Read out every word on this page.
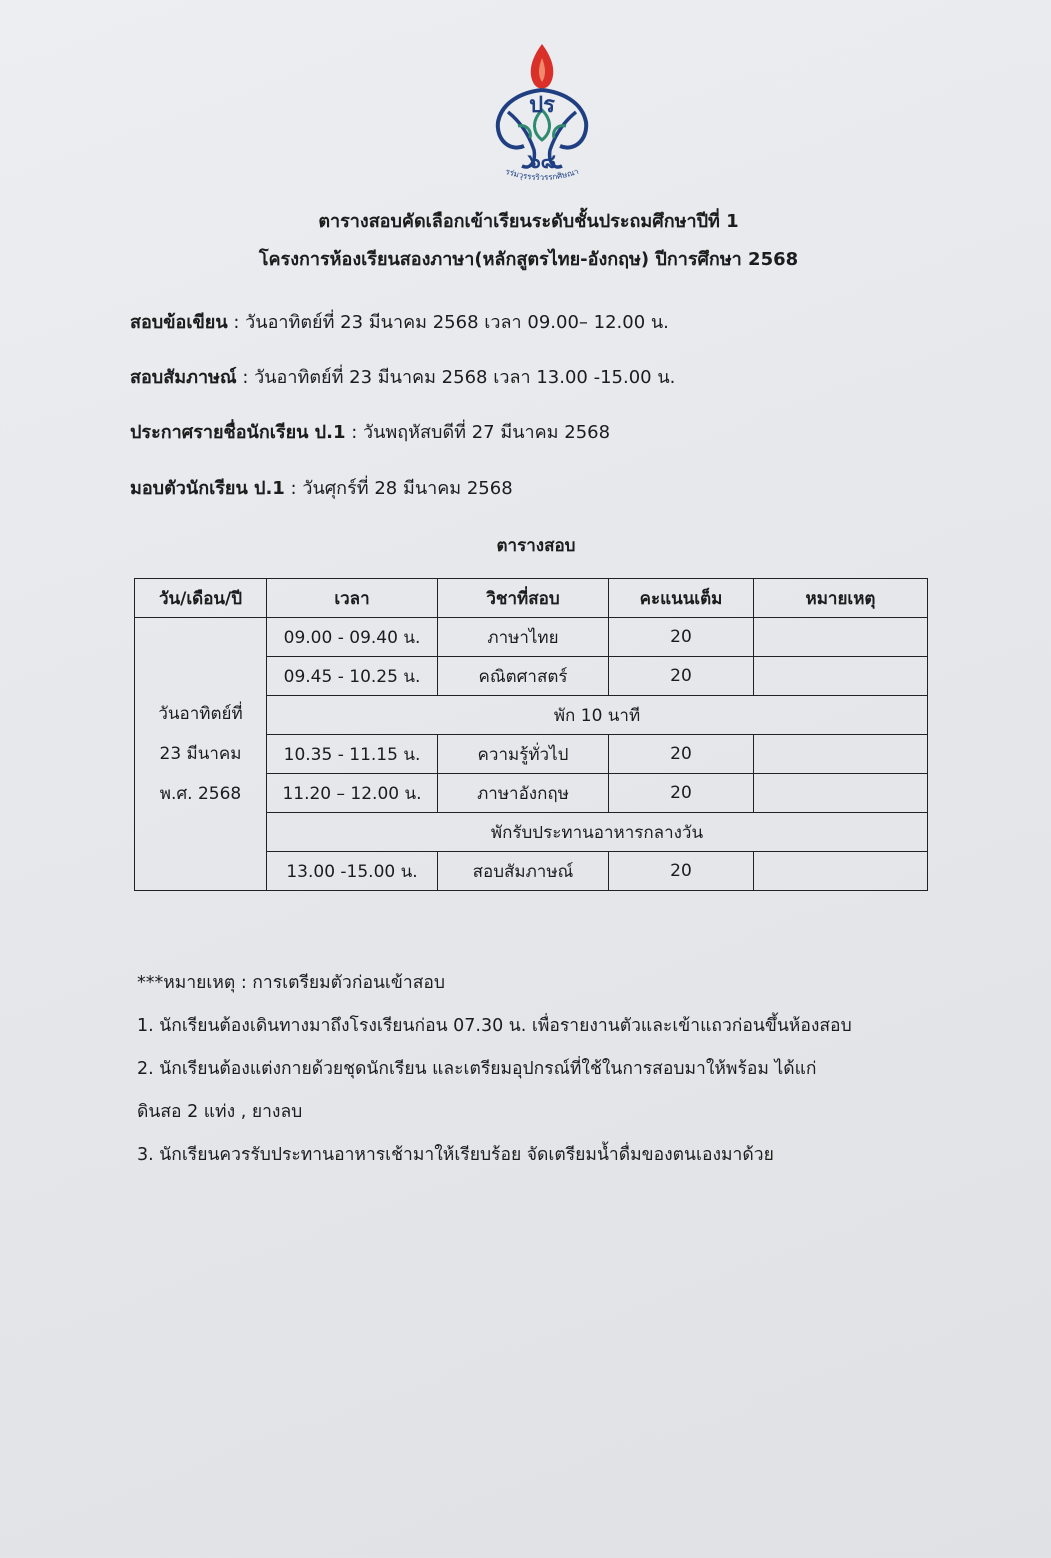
ปร
๖๘
รร่มวุรรรริวรรกศิษณา
ตารางสอบคัดเลือกเข้าเรียนระดับชั้นประถมศึกษาปีที่ 1
โครงการห้องเรียนสองภาษา(หลักสูตรไทย-อังกฤษ) ปีการศึกษา 2568
สอบข้อเขียน : วันอาทิตย์ที่ 23 มีนาคม 2568 เวลา 09.00– 12.00 น.
สอบสัมภาษณ์ : วันอาทิตย์ที่ 23 มีนาคม 2568 เวลา 13.00 -15.00 น.
ประกาศรายชื่อนักเรียน ป.1 : วันพฤหัสบดีที่ 27 มีนาคม 2568
มอบตัวนักเรียน ป.1 : วันศุกร์ที่ 28 มีนาคม 2568
ตารางสอบ
วัน/เดือน/ปี	เวลา	วิชาที่สอบ	คะแนนเต็ม	หมายเหตุ

วันอาทิตย์ที่
23 มีนาคม
พ.ศ. 2568	09.00 - 09.40 น.	ภาษาไทย	20	
	09.45 - 10.25 น.	คณิตศาสตร์	20	
	พัก 10 นาที			
	10.35 - 11.15 น.	ความรู้ทั่วไป	20	
	11.20 – 12.00 น.	ภาษาอังกฤษ	20	
	พักรับประทานอาหารกลางวัน			
	13.00 -15.00 น.	สอบสัมภาษณ์	20	
***หมายเหตุ : การเตรียมตัวก่อนเข้าสอบ
1. นักเรียนต้องเดินทางมาถึงโรงเรียนก่อน 07.30 น. เพื่อรายงานตัวและเข้าแถวก่อนขึ้นห้องสอบ
2. นักเรียนต้องแต่งกายด้วยชุดนักเรียน และเตรียมอุปกรณ์ที่ใช้ในการสอบมาให้พร้อม ได้แก่
ดินสอ 2 แท่ง , ยางลบ
3. นักเรียนควรรับประทานอาหารเช้ามาให้เรียบร้อย จัดเตรียมน้ำดื่มของตนเองมาด้วย
